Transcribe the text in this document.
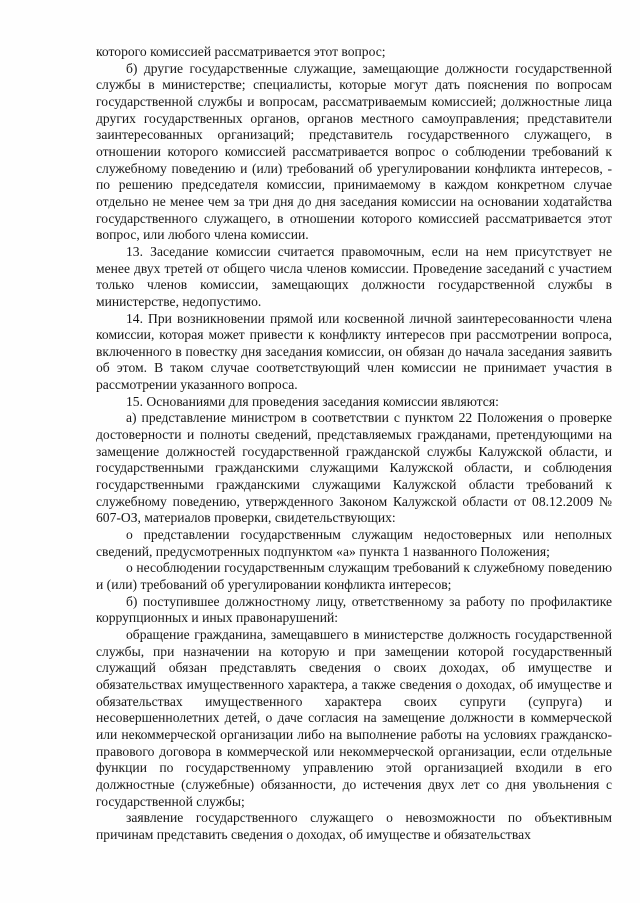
которого комиссией рассматривается этот вопрос;

б) другие государственные служащие, замещающие должности государственной службы в министерстве; специалисты, которые могут дать пояснения по вопросам государственной службы и вопросам, рассматриваемым комиссией; должностные лица других государственных органов, органов местного самоуправления; представители заинтересованных организаций; представитель государственного служащего, в отношении которого комиссией рассматривается вопрос о соблюдении требований к служебному поведению и (или) требований об урегулировании конфликта интересов, - по решению председателя комиссии, принимаемому в каждом конкретном случае отдельно не менее чем за три дня до дня заседания комиссии на основании ходатайства государственного служащего, в отношении которого комиссией рассматривается этот вопрос, или любого члена комиссии.

13. Заседание комиссии считается правомочным, если на нем присутствует не менее двух третей от общего числа членов комиссии. Проведение заседаний с участием только членов комиссии, замещающих должности государственной службы в министерстве, недопустимо.

14. При возникновении прямой или косвенной личной заинтересованности члена комиссии, которая может привести к конфликту интересов при рассмотрении вопроса, включенного в повестку дня заседания комиссии, он обязан до начала заседания заявить об этом. В таком случае соответствующий член комиссии не принимает участия в рассмотрении указанного вопроса.

15. Основаниями для проведения заседания комиссии являются:

а) представление министром в соответствии с пунктом 22 Положения о проверке достоверности и полноты сведений, представляемых гражданами, претендующими на замещение должностей государственной гражданской службы Калужской области, и государственными гражданскими служащими Калужской области, и соблюдения государственными гражданскими служащими Калужской области требований к служебному поведению, утвержденного Законом Калужской области от 08.12.2009 № 607-ОЗ, материалов проверки, свидетельствующих:

о представлении государственным служащим недостоверных или неполных сведений, предусмотренных подпунктом «а» пункта 1 названного Положения;

о несоблюдении государственным служащим требований к служебному поведению и (или) требований об урегулировании конфликта интересов;

б) поступившее должностному лицу, ответственному за работу по профилактике коррупционных и иных правонарушений:

обращение гражданина, замещавшего в министерстве должность государственной службы, при назначении на которую и при замещении которой государственный служащий обязан представлять сведения о своих доходах, об имуществе и обязательствах имущественного характера, а также сведения о доходах, об имуществе и обязательствах имущественного характера своих супруги (супруга) и несовершеннолетних детей, о даче согласия на замещение должности в коммерческой или некоммерческой организации либо на выполнение работы на условиях гражданско-правового договора в коммерческой или некоммерческой организации, если отдельные функции по государственному управлению этой организацией входили в его должностные (служебные) обязанности, до истечения двух лет со дня увольнения с государственной службы;

заявление государственного служащего о невозможности по объективным причинам представить сведения о доходах, об имуществе и обязательствах
